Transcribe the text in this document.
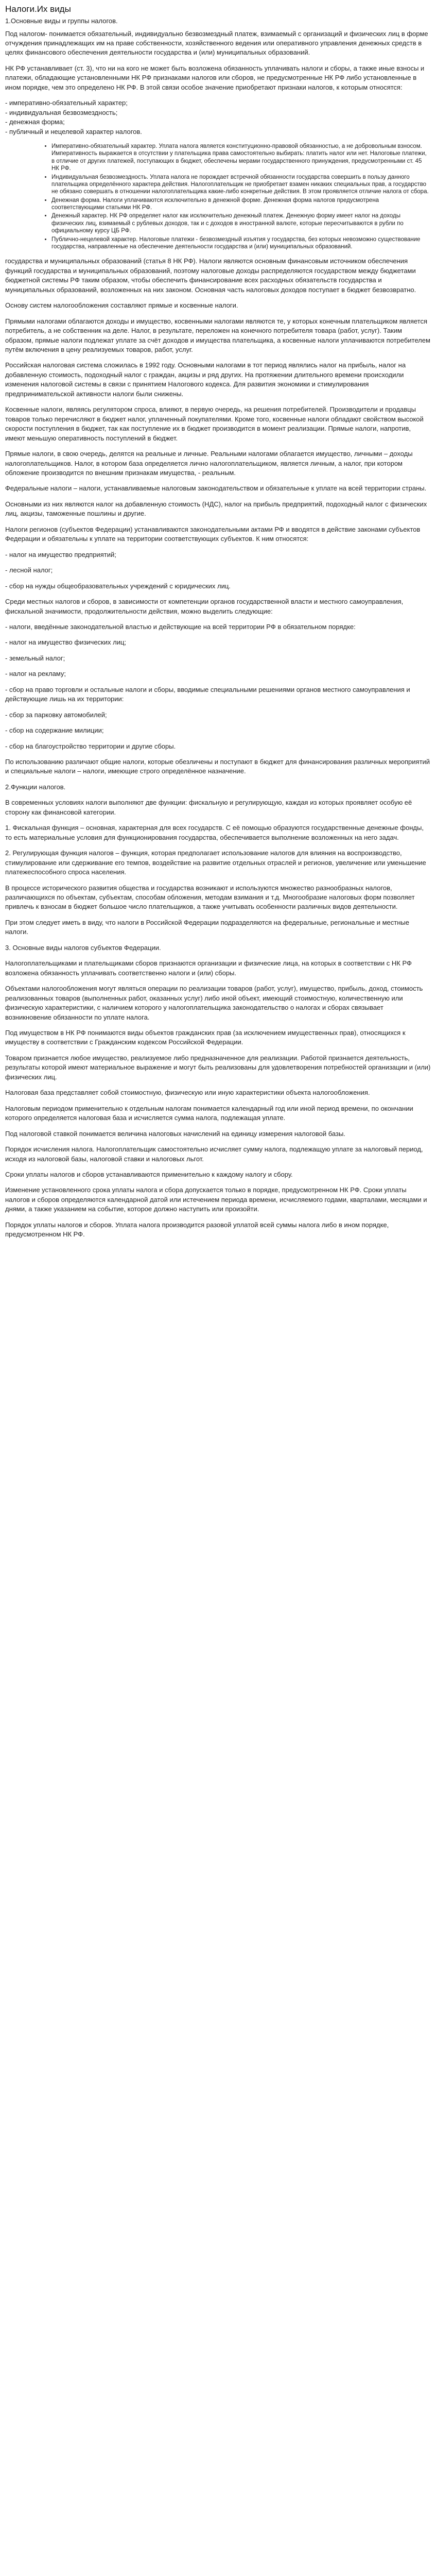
Налоги.Их виды
1.Основные виды и группы налогов.

Под налогом- понимается обязательный, индивидуально безвозмездный платеж, взимаемый с организаций и физических лиц в форме отчуждения принадлежащих им на праве собственности, хозяйственного ведения или оперативного управления денежных средств в целях финансового обеспечения деятельности государства и (или) муниципальных образований.

НК РФ устанавливает (ст. 3), что ни на кого не может быть возложена обязанность уплачивать налоги и сборы, а также иные взносы и платежи, обладающие установленными НК РФ признаками налогов или сборов, не предусмотренные НК РФ либо установленные в ином порядке, чем это определено НК РФ. В этой связи особое значение приобретают признаки налогов, к которым относятся:

- императивно-обязательный характер;
- индивидуальная безвозмездность;
- денежная форма;
- публичный и нецелевой характер налогов.
• Императивно-обязательный характер. Уплата налога является конституционно-правовой обязанностью, а не добровольным взносом. Императивность выражается в отсутствии у плательщика права самостоятельно выбирать: платить налог или нет. Налоговые платежи, в отличие от других платежей, поступающих в бюджет, обеспечены мерами государственного принуждения, предусмотренными ст. 45 НК РФ.
• Индивидуальная безвозмездность. Уплата налога не порождает встречной обязанности государства совершить в пользу данного плательщика определённого характера действия. Налогоплательщик не приобретает взамен никаких специальных прав, а государство не обязано совершать в отношении налогоплательщика какие-либо конкретные действия. В этом проявляется отличие налога от сбора.
• Денежная форма. Налоги уплачиваются исключительно в денежной форме. Денежная форма налогов предусмотрена соответствующими статьями НК РФ.
• Денежный характер. НК РФ определяет налог как исключительно денежный платеж. Денежную форму имеет налог на доходы физических лиц, взимаемый с рублевых доходов, так и с доходов в иностранной валюте, которые пересчитываются в рубли по официальному курсу ЦБ РФ.
• Публично-нецелевой характер. Налоговые платежи - безвозмездный изъятия у государства, без которых невозможно существование государства, направленные на обеспечение деятельности государства и (или) муниципальных образований.

государства и муниципальных образований (статья 8 НК РФ). Налоги являются основным финансовым источником обеспечения функций государства и муниципальных образований, поэтому налоговые доходы распределяются государством между бюджетами бюджетной системы РФ таким образом, чтобы обеспечить финансирование всех расходных обязательств государства и муниципальных образований, возложенных на них законом. Основная часть налоговых доходов поступает в бюджет безвозвратно.

Основу систем налогообложения составляют прямые и косвенные налоги.

Прямыми налогами облагаются доходы и имущество, косвенными налогами являются те, у которых конечным плательщиком является потребитель, а не собственник на деле. Налог, в результате, переложен на конечного потребителя товара (работ, услуг). Таким образом, прямые налоги подлежат уплате за счёт доходов и имущества плательщика, а косвенные налоги уплачиваются потребителем путём включения в цену реализуемых товаров, работ, услуг.

Российская налоговая система сложилась в 1992 году. Основными налогами в тот период являлись налог на прибыль, налог на добавленную стоимость, подоходный налог с граждан, акцизы и ряд других. На протяжении длительного времени происходили изменения налоговой системы в связи с принятием Налогового кодекса. Для развития экономики и стимулирования предпринимательской активности налоги были снижены.

Косвенные налоги, являясь регулятором спроса, влияют, в первую очередь, на решения потребителей. Производители и продавцы товаров только перечисляют в бюджет налог, уплаченный покупателями. Кроме того, косвенные налоги обладают свойством высокой скорости поступления в бюджет, так как поступление их в бюджет производится в момент реализации. Прямые налоги, напротив, имеют меньшую оперативность поступлений в бюджет.

Прямые налоги, в свою очередь, делятся на реальные и личные. Реальными налогами облагается имущество, личными – доходы налогоплательщиков. Налог, в котором база определяется лично налогоплательщиком, является личным, а налог, при котором обложение производится по внешним признакам имущества, - реальным.

Федеральные налоги – налоги, устанавливаемые налоговым законодательством и обязательные к уплате на всей территории страны.

Основными из них являются налог на добавленную стоимость (НДС), налог на прибыль предприятий, подоходный налог с физических лиц, акцизы, таможенные пошлины и другие.

Налоги регионов (субъектов Федерации) устанавливаются законодательными актами РФ и вводятся в действие законами субъектов Федерации и обязательны к уплате на территории соответствующих субъектов. К ним относятся:

- налог на имущество предприятий;

- лесной налог;

- сбор на нужды общеобразовательных учреждений с юридических лиц.

Среди местных налогов и сборов, в зависимости от компетенции органов государственной власти и местного самоуправления, фискальной значимости, продолжительности действия, можно выделить следующие:

- налоги, введённые законодательной властью и действующие на всей территории РФ в обязательном порядке:

- налог на имущество физических лиц;

- земельный налог;

- налог на рекламу;

- сбор на право торговли и остальные налоги и сборы, вводимые специальными решениями органов местного самоуправления и действующие лишь на их территории:

- сбор за парковку автомобилей;

- сбор на содержание милиции;

- сбор на благоустройство территории и другие сборы.

По использованию различают общие налоги, которые обезличены и поступают в бюджет для финансирования различных мероприятий и специальные налоги – налоги, имеющие строго определённое назначение.

2.Функции налогов.

В современных условиях налоги выполняют две функции: фискальную и регулирующую, каждая из которых проявляет особую её сторону как финансовой категории.

1. Фискальная функция – основная, характерная для всех государств. С её помощью образуются государственные денежные фонды, то есть материальные условия для функционирования государства, обеспечивается выполнение возложенных на него задач.

2. Регулирующая функция налогов – функция, которая предполагает использование налогов для влияния на воспроизводство, стимулирование или сдерживание его темпов, воздействие на развитие отдельных отраслей и регионов, увеличение или уменьшение платежеспособного спроса населения.

В процессе исторического развития общества и государства возникают и используются множество разнообразных налогов, различающихся по объектам, субъектам, способам обложения, методам взимания и т.д. Многообразие налоговых форм позволяет привлечь к взносам в бюджет большое число плательщиков, а также учитывать особенности различных видов деятельности.

При этом следует иметь в виду, что налоги в Российской Федерации подразделяются на федеральные, региональные и местные налоги.

3. Основные виды налогов субъектов Федерации.

Налогоплательщиками и плательщиками сборов признаются организации и физические лица, на которых в соответствии с НК РФ возложена обязанность уплачивать соответственно налоги и (или) сборы.

Объектами налогообложения могут являться операции по реализации товаров (работ, услуг), имущество, прибыль, доход, стоимость реализованных товаров (выполненных работ, оказанных услуг) либо иной объект, имеющий стоимостную, количественную или физическую характеристики, с наличием которого у налогоплательщика законодательство о налогах и сборах связывает возникновение обязанности по уплате налога.

Под имуществом в НК РФ понимаются виды объектов гражданских прав (за исключением имущественных прав), относящихся к имуществу в соответствии с Гражданским кодексом Российской Федерации.

Товаром признается любое имущество, реализуемое либо предназначенное для реализации. Работой признается деятельность, результаты которой имеют материальное выражение и могут быть реализованы для удовлетворения потребностей организации и (или) физических лиц.

Налоговая база представляет собой стоимостную, физическую или иную характеристики объекта налогообложения.

Налоговым периодом применительно к отдельным налогам понимается календарный год или иной период времени, по окончании которого определяется налоговая база и исчисляется сумма налога, подлежащая уплате.

Под налоговой ставкой понимается величина налоговых начислений на единицу измерения налоговой базы.

Порядок исчисления налога. Налогоплательщик самостоятельно исчисляет сумму налога, подлежащую уплате за налоговый период, исходя из налоговой базы, налоговой ставки и налоговых льгот.

Сроки уплаты налогов и сборов устанавливаются применительно к каждому налогу и сбору.

Изменение установленного срока уплаты налога и сбора допускается только в порядке, предусмотренном НК РФ. Сроки уплаты налогов и сборов определяются календарной датой или истечением периода времени, исчисляемого годами, кварталами, месяцами и днями, а также указанием на событие, которое должно наступить или произойти.

Порядок уплаты налогов и сборов. Уплата налога производится разовой уплатой всей суммы налога либо в ином порядке, предусмотренном НК РФ.
